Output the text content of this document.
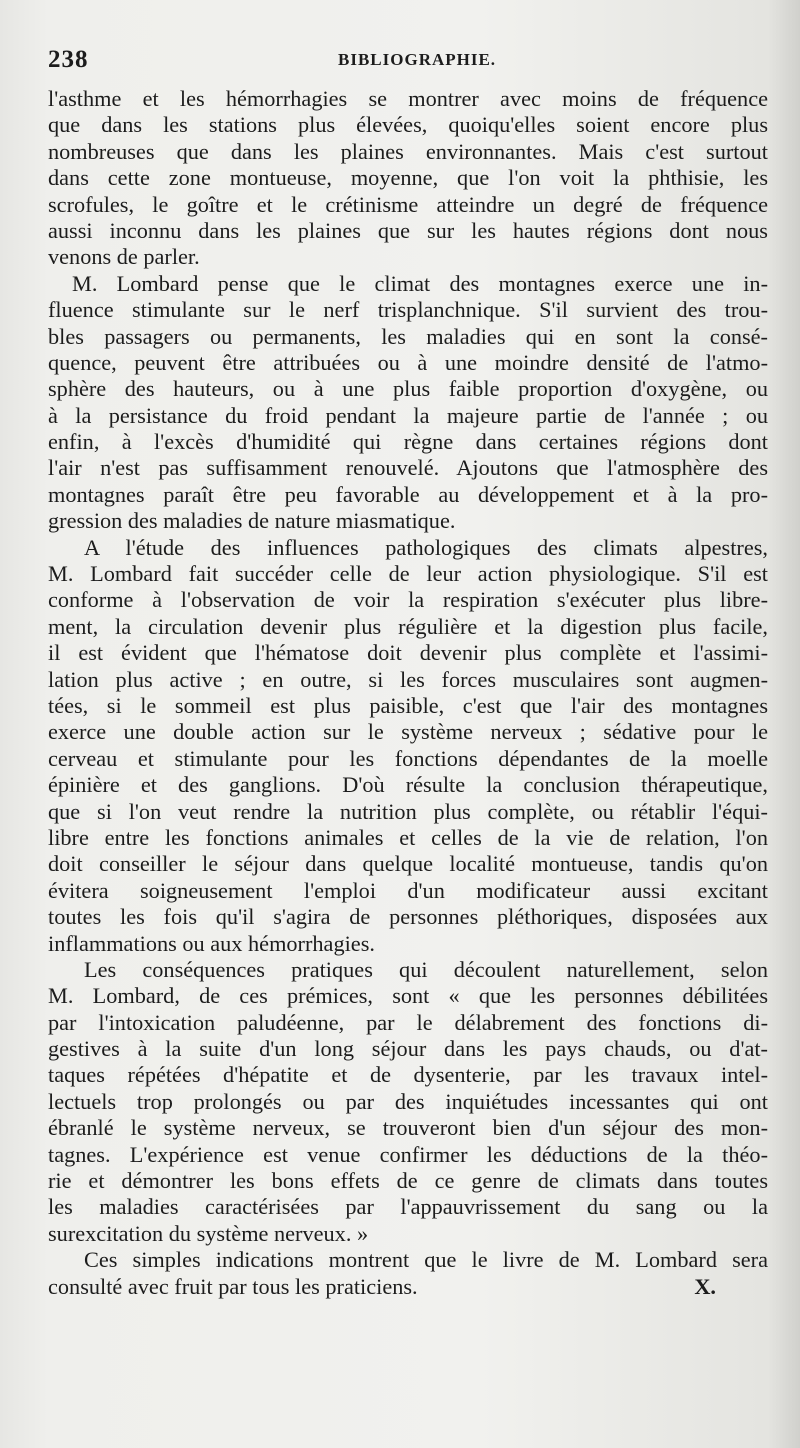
238	BIBLIOGRAPHIE.
l'asthme et les hémorrhagies se montrer avec moins de fréquence
que dans les stations plus élevées, quoiqu'elles soient encore plus
nombreuses que dans les plaines environnantes. Mais c'est surtout
dans cette zone montueuse, moyenne, que l'on voit la phthisie, les
scrofules, le goître et le crétinisme atteindre un degré de fréquence
aussi inconnu dans les plaines que sur les hautes régions dont nous
venons de parler.
M. Lombard pense que le climat des montagnes exerce une in-
fluence stimulante sur le nerf trisplanchnique. S'il survient des trou-
bles passagers ou permanents, les maladies qui en sont la consé-
quence, peuvent être attribuées ou à une moindre densité de l'atmo-
sphère des hauteurs, ou à une plus faible proportion d'oxygène, ou
à la persistance du froid pendant la majeure partie de l'année ; ou
enfin, à l'excès d'humidité qui règne dans certaines régions dont
l'air n'est pas suffisamment renouvelé. Ajoutons que l'atmosphère des
montagnes paraît être peu favorable au développement et à la pro-
gression des maladies de nature miasmatique.
A l'étude des influences pathologiques des climats alpestres,
M. Lombard fait succéder celle de leur action physiologique. S'il est
conforme à l'observation de voir la respiration s'exécuter plus libre-
ment, la circulation devenir plus régulière et la digestion plus facile,
il est évident que l'hématose doit devenir plus complète et l'assimi-
lation plus active ; en outre, si les forces musculaires sont augmen-
tées, si le sommeil est plus paisible, c'est que l'air des montagnes
exerce une double action sur le système nerveux ; sédative pour le
cerveau et stimulante pour les fonctions dépendantes de la moelle
épinière et des ganglions. D'où résulte la conclusion thérapeutique,
que si l'on veut rendre la nutrition plus complète, ou rétablir l'équi-
libre entre les fonctions animales et celles de la vie de relation, l'on
doit conseiller le séjour dans quelque localité montueuse, tandis qu'on
évitera soigneusement l'emploi d'un modificateur aussi excitant
toutes les fois qu'il s'agira de personnes pléthoriques, disposées aux
inflammations ou aux hémorrhagies.
Les conséquences pratiques qui découlent naturellement, selon
M. Lombard, de ces prémices, sont « que les personnes débilitées
par l'intoxication paludéenne, par le délabrement des fonctions di-
gestives à la suite d'un long séjour dans les pays chauds, ou d'at-
taques répétées d'hépatite et de dysenterie, par les travaux intel-
lectuels trop prolongés ou par des inquiétudes incessantes qui ont
ébranlé le système nerveux, se trouveront bien d'un séjour des mon-
tagnes. L'expérience est venue confirmer les déductions de la théo-
rie et démontrer les bons effets de ce genre de climats dans toutes
les maladies caractérisées par l'appauvrissement du sang ou la
surexcitation du système nerveux. »
Ces simples indications montrent que le livre de M. Lombard sera
consulté avec fruit par tous les praticiens.	X.
